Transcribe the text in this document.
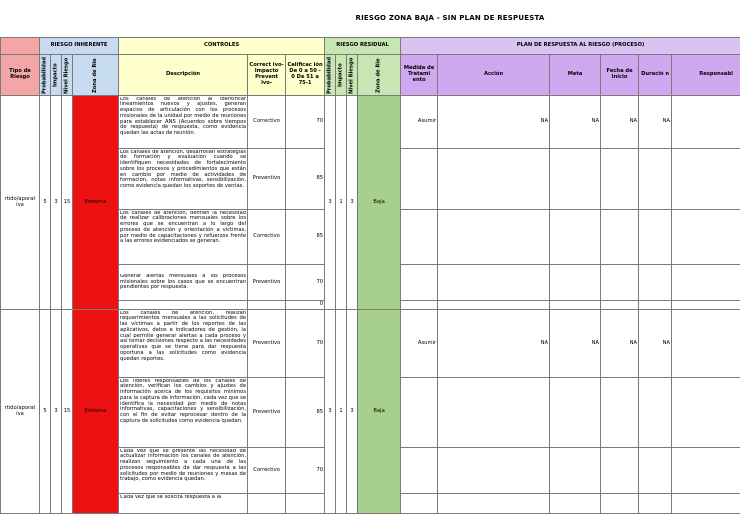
RIESGO ZONA BAJA - SIN PLAN DE RESPUESTA
	RIESGO INHERENTE				CONTROLES			RIESGO RESIDUAL				PLAN DE RESPUESTA AL RIESGO (PROCESO)					
Tipo de Riesgo	Probabilidad	Impacto	Nivel Riesgo	Zona de Rie	Descripción	Correct ivo- Impacto Prevent ivo-	Calificac ión De 0 a 50 - 0 De 51 a 75-1	Probabilidad	Impacto	Nivel Riesgo	Zona de Rie	Medida de Tratami ento	Acción	Meta	Fecha de Inicio	Duració n	Responsabl
rtido/aporat iva	5	3	15	Extrema	Los canales de atención al identificar lineamientos nuevos y ajustes, generan espacios de articulación con los procesos misionales de la unidad por medio de reuniones para establecer ANS (Acuerdos sobre tiempos de respuesta) de respuesta, como evidencia quedan las actas de reunión.	Correctivo	70	3	1	3	Baja	Asumir	NA	NA	NA	NA	

					Los canales de atención, desarrollan estrategias de formación y evaluación cuando se identifiquen necesidades de fortalecimiento sobre los procesos y procedimientos que están en cambio por medio de actividades de formación, notas informativas, sensibilización, como evidencia quedan los soportes de ventas.	Preventivo	85										

					Los canales de atención, definen la necesidad de realizar calibraciones mensuales sobre los errores que se encuentran a lo largo del proceso de atención y orientación a víctimas, por medio de capacitaciones y refuerzos frente a las errores evidenciados se generan.	Correctivo	85										

					Generar alertas mensuales a los procesos misionales sobre los casos que se encuentran pendientes por respuesta.	Preventivo	70										
							0										
rtido/aporat iva	5	3	15	Extrema	Los canales de atención, realizan requerimientos mensuales a las solicitudes de las víctimas a partir de los reportes de las aplicativos, datos e indicadores de gestión, la cual permite generar alertas a cada proceso y así tomar decisiones respecto a las necesidades operativas que se tiene para dar respuesta oportuna a las solicitudes como evidencia quedan reportes.	Preventivo	70	3	1	3	Baja	Asumir	NA	NA	NA	NA	

					Los líderes responsables de los canales de atención, verifican los cambios y ajustes de información acerca de los requisitos mínimos para la captura de información, cada vez que se identifica la necesidad por medio de notas informativas, capacitaciones y sensibilización, con el fin de evitar reprocesar dentro de la captura de solicitudes como evidencia quedan.	Preventivo	85										

					Cada vez que se presente las necesidad de actualizar información los canales de atención, realizan seguimiento a cada una de las procesos responsables de dar respuesta a las solicitudes por medio de reuniones y mesas de trabajo, como evidencia quedan.	Correctivo	70										

					Cada vez que se solicita respuesta a la												
